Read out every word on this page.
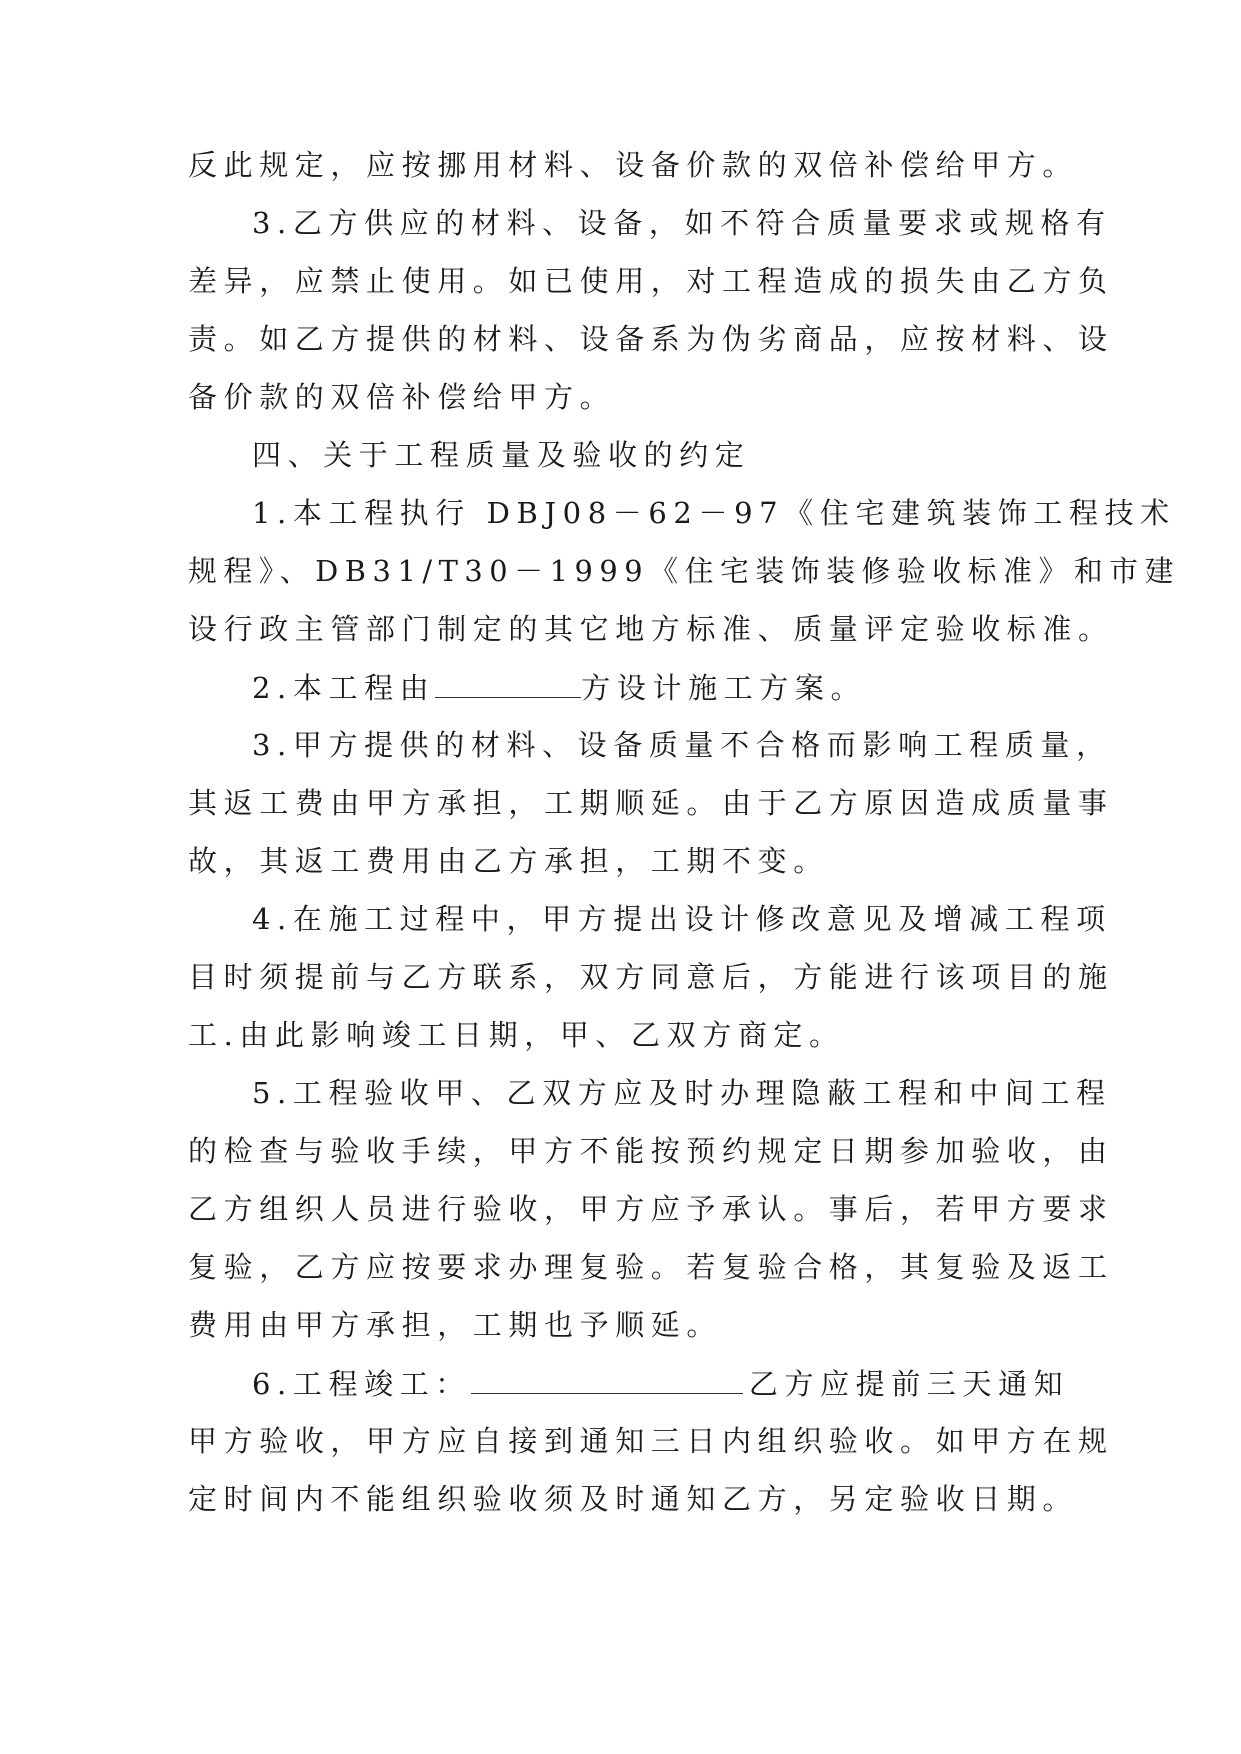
反此规定，应按挪用材料、设备价款的双倍补偿给甲方。
3.乙方供应的材料、设备，如不符合质量要求或规格有
差异，应禁止使用。如已使用，对工程造成的损失由乙方负
责。如乙方提供的材料、设备系为伪劣商品，应按材料、设
备价款的双倍补偿给甲方。
四、关于工程质量及验收的约定
1.本工程执行 DBJ08－62－97《住宅建筑装饰工程技术
规程》、DB31/T30－1999《住宅装饰装修验收标准》和市建
设行政主管部门制定的其它地方标准、质量评定验收标准。
2.本工程由	方设计施工方案。
3.甲方提供的材料、设备质量不合格而影响工程质量，
其返工费由甲方承担，工期顺延。由于乙方原因造成质量事
故，其返工费用由乙方承担，工期不变。
4.在施工过程中，甲方提出设计修改意见及增减工程项
目时须提前与乙方联系，双方同意后，方能进行该项目的施
工.由此影响竣工日期，甲、乙双方商定。
5.工程验收甲、乙双方应及时办理隐蔽工程和中间工程
的检查与验收手续，甲方不能按预约规定日期参加验收，由
乙方组织人员进行验收，甲方应予承认。事后，若甲方要求
复验，乙方应按要求办理复验。若复验合格，其复验及返工
费用由甲方承担，工期也予顺延。
6.工程竣工：	乙方应提前三天通知
甲方验收，甲方应自接到通知三日内组织验收。如甲方在规
定时间内不能组织验收须及时通知乙方，另定验收日期。
